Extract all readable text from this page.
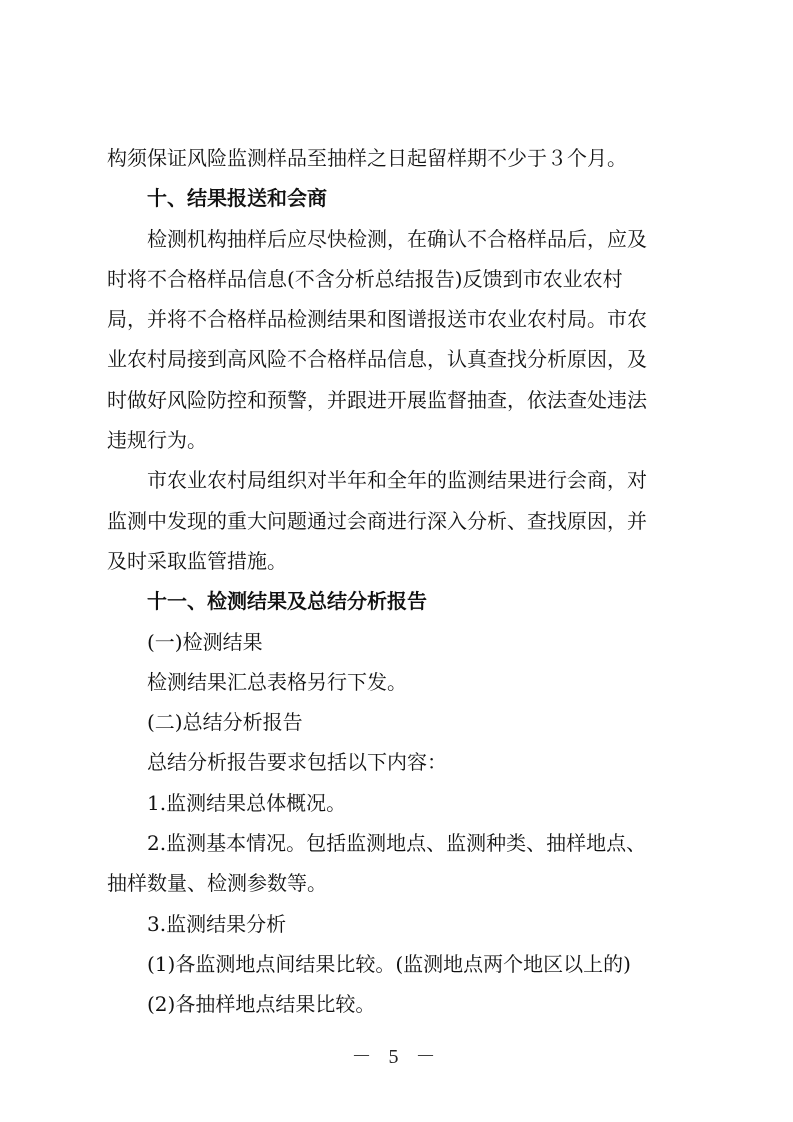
构须保证风险监测样品至抽样之日起留样期不少于３个月。
十、结果报送和会商
检测机构抽样后应尽快检测，在确认不合格样品后，应及
时将不合格样品信息(不含分析总结报告)反馈到市农业农村
局，并将不合格样品检测结果和图谱报送市农业农村局。市农
业农村局接到高风险不合格样品信息，认真查找分析原因，及
时做好风险防控和预警，并跟进开展监督抽查，依法查处违法
违规行为。
市农业农村局组织对半年和全年的监测结果进行会商，对
监测中发现的重大问题通过会商进行深入分析、查找原因，并
及时采取监管措施。
十一、检测结果及总结分析报告
(一)检测结果
检测结果汇总表格另行下发。
(二)总结分析报告
总结分析报告要求包括以下内容：
1.监测结果总体概况。
2.监测基本情况。包括监测地点、监测种类、抽样地点、
抽样数量、检测参数等。
3.监测结果分析
(1)各监测地点间结果比较。(监测地点两个地区以上的)
(2)各抽样地点结果比较。
－ 5 －
